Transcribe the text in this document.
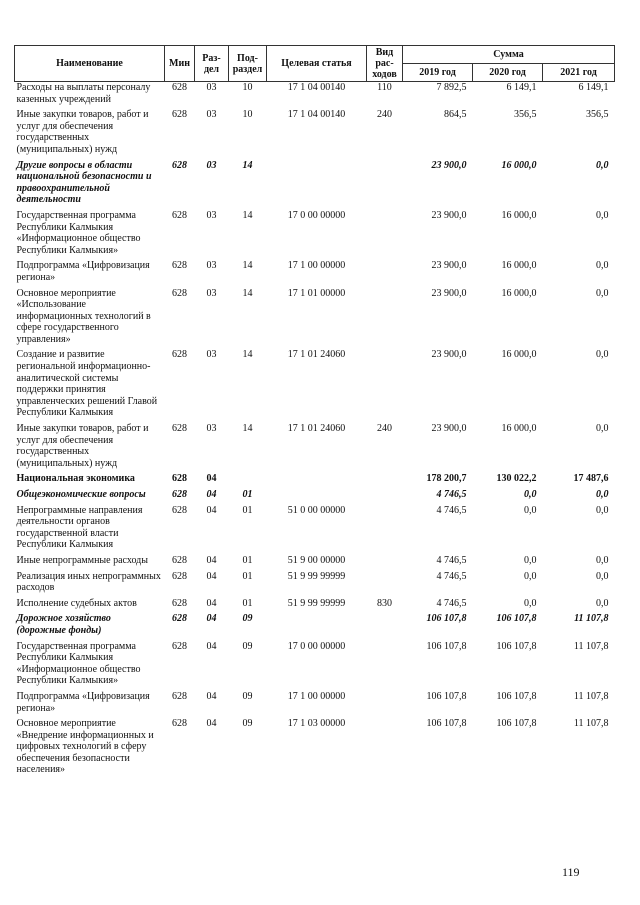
Наименование	Мин	Раз-дел	Под-раздел	Целевая статья	Вид рас-ходов	Сумма		
						2019 год	2020 год	2021 год
Расходы на выплаты персоналу казенных учреждений	628	03	10	17 1 04 00140	110	7 892,5	6 149,1	6 149,1
Иные закупки товаров, работ и услуг для обеспечения государственных (муниципальных) нужд	628	03	10	17 1 04 00140	240	864,5	356,5	356,5
Другие вопросы в области национальной безопасности и правоохранительной деятельности	628	03	14			23 900,0	16 000,0	0,0
Государственная программа Республики Калмыкия «Информационное общество Республики Калмыкия»	628	03	14	17 0 00 00000		23 900,0	16 000,0	0,0
Подпрограмма «Цифровизация региона»	628	03	14	17 1 00 00000		23 900,0	16 000,0	0,0
Основное мероприятие «Использование информационных технологий в сфере государственного управления»	628	03	14	17 1 01 00000		23 900,0	16 000,0	0,0
Создание и развитие региональной информационно-аналитической системы поддержки принятия управленческих решений Главой Республики Калмыкия	628	03	14	17 1 01 24060		23 900,0	16 000,0	0,0
Иные закупки товаров, работ и услуг для обеспечения государственных (муниципальных) нужд	628	03	14	17 1 01 24060	240	23 900,0	16 000,0	0,0
Национальная экономика	628	04				178 200,7	130 022,2	17 487,6
Общеэкономические вопросы	628	04	01			4 746,5	0,0	0,0
Непрограммные направления деятельности органов государственной власти Республики Калмыкия	628	04	01	51 0 00 00000		4 746,5	0,0	0,0
Иные непрограммные расходы	628	04	01	51 9 00 00000		4 746,5	0,0	0,0
Реализация иных непрограммных расходов	628	04	01	51 9 99 99999		4 746,5	0,0	0,0
Исполнение судебных актов	628	04	01	51 9 99 99999	830	4 746,5	0,0	0,0
Дорожное хозяйство (дорожные фонды)	628	04	09			106 107,8	106 107,8	11 107,8
Государственная программа Республики Калмыкия «Информационное общество Республики Калмыкия»	628	04	09	17 0 00 00000		106 107,8	106 107,8	11 107,8
Подпрограмма «Цифровизация региона»	628	04	09	17 1 00 00000		106 107,8	106 107,8	11 107,8
Основное мероприятие «Внедрение информационных и цифровых технологий в сферу обеспечения безопасности населения»	628	04	09	17 1 03 00000		106 107,8	106 107,8	11 107,8
119
